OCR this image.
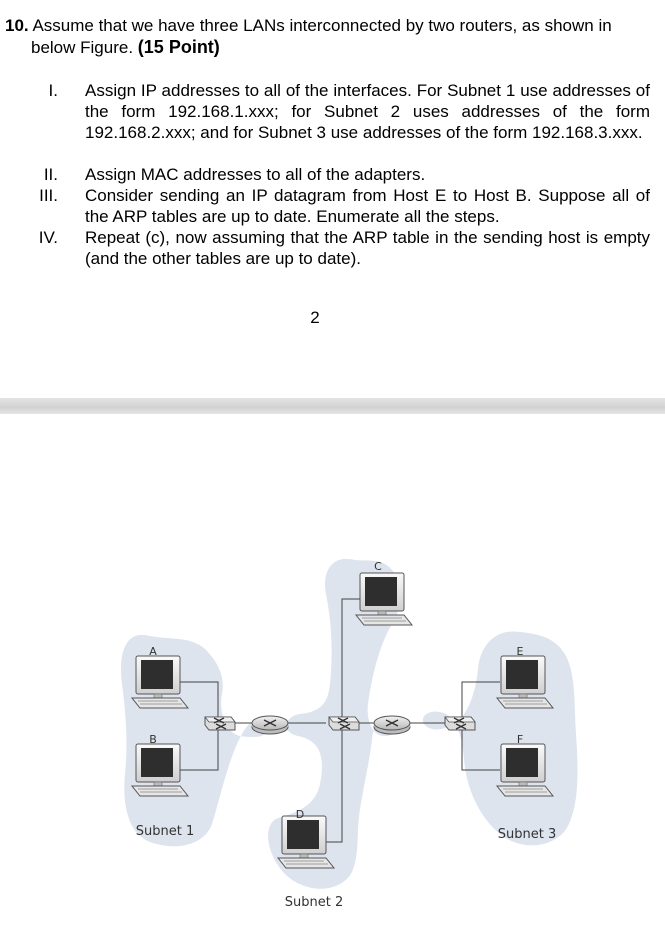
10. Assume that we have three LANs interconnected by two routers, as shown in
below Figure. (15 Point)
I. Assign IP addresses to all of the interfaces. For Subnet 1 use addresses of the form 192.168.1.xxx; for Subnet 2 uses addresses of the form 192.168.2.xxx; and for Subnet 3 use addresses of the form 192.168.3.xxx.
II. Assign MAC addresses to all of the adapters.
III. Consider sending an IP datagram from Host E to Host B. Suppose all of the ARP tables are up to date. Enumerate all the steps.
IV. Repeat (c), now assuming that the ARP table in the sending host is empty (and the other tables are up to date).
2
A
B
C
D
E
F
Subnet 1
Subnet 2
Subnet 3
